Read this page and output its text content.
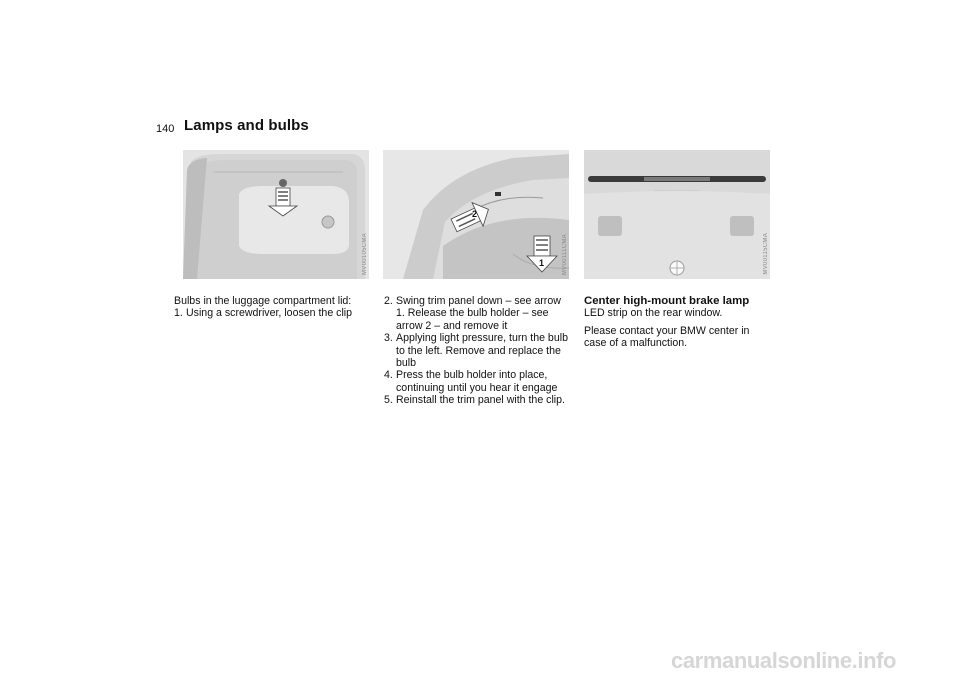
140 Lamps and bulbs
MV00105CMA
2
1	MV00111CMA	MV00115CMA

Bulbs in the luggage compartment lid:

1. Using a screwdriver, loosen the clip
2. Swing trim panel down – see arrow 1. Release the bulb holder – see arrow 2 – and remove it
3. Applying light pressure, turn the bulb to the left. Remove and replace the bulb
4. Press the bulb holder into place, continuing until you hear it engage
5. Reinstall the trim panel with the clip.

Center high-mount brake lamp

LED strip on the rear window.

Please contact your BMW center in case of a malfunction.

carmanualsonline.info
